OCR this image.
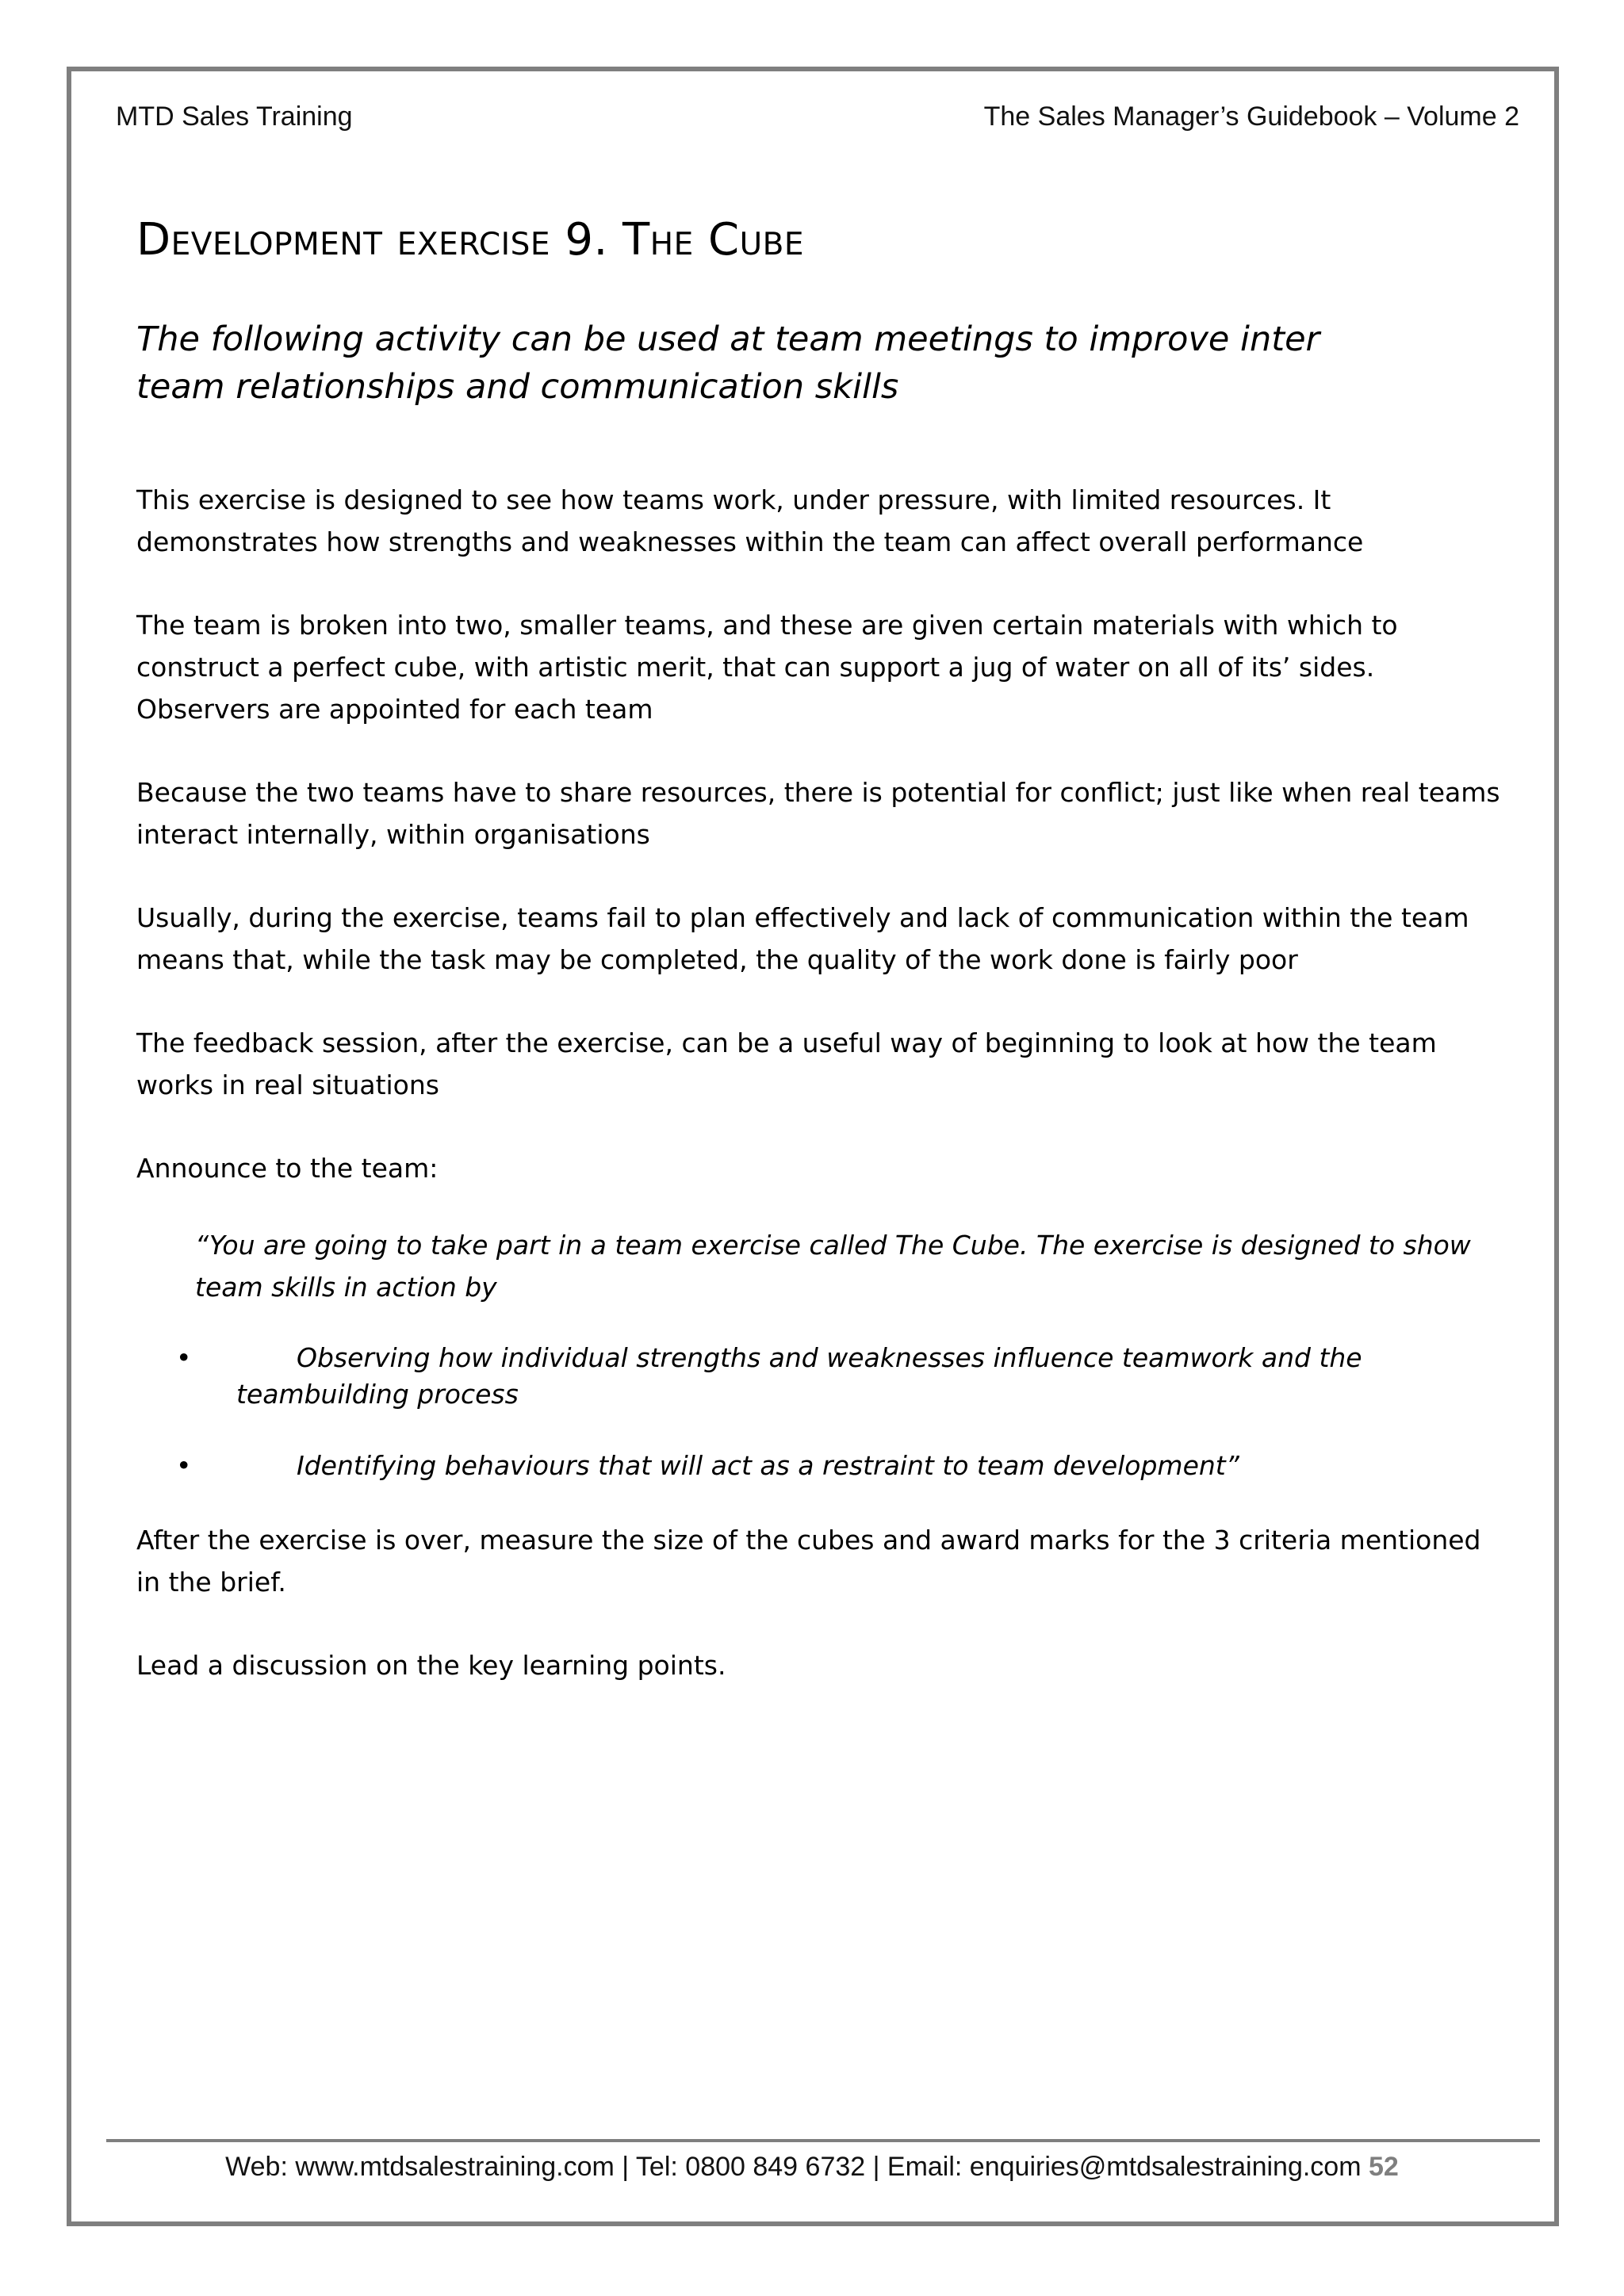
MTD Sales Training	The Sales Manager’s Guidebook – Volume 2
Development exercise 9. The Cube

The following activity can be used at team meetings to improve inter team relationships and communication skills

This exercise is designed to see how teams work, under pressure, with limited resources. It demonstrates how strengths and weaknesses within the team can affect overall performance

The team is broken into two, smaller teams, and these are given certain materials with which to construct a perfect cube, with artistic merit, that can support a jug of water on all of its’ sides. Observers are appointed for each team

Because the two teams have to share resources, there is potential for conflict; just like when real teams interact internally, within organisations

Usually, during the exercise, teams fail to plan effectively and lack of communication within the team means that, while the task may be completed, the quality of the work done is fairly poor

The feedback session, after the exercise, can be a useful way of beginning to look at how the team works in real situations

Announce to the team:

“You are going to take part in a team exercise called The Cube. The exercise is designed to show team skills in action by

•	Observing how individual strengths and weaknesses influence teamwork and the teambuilding process
•	Identifying behaviours that will act as a restraint to team development”

After the exercise is over, measure the size of the cubes and award marks for the 3 criteria mentioned in the brief.

Lead a discussion on the key learning points.

Web: www.mtdsalestraining.com | Tel: 0800 849 6732 | Email: enquiries@mtdsalestraining.com 52
